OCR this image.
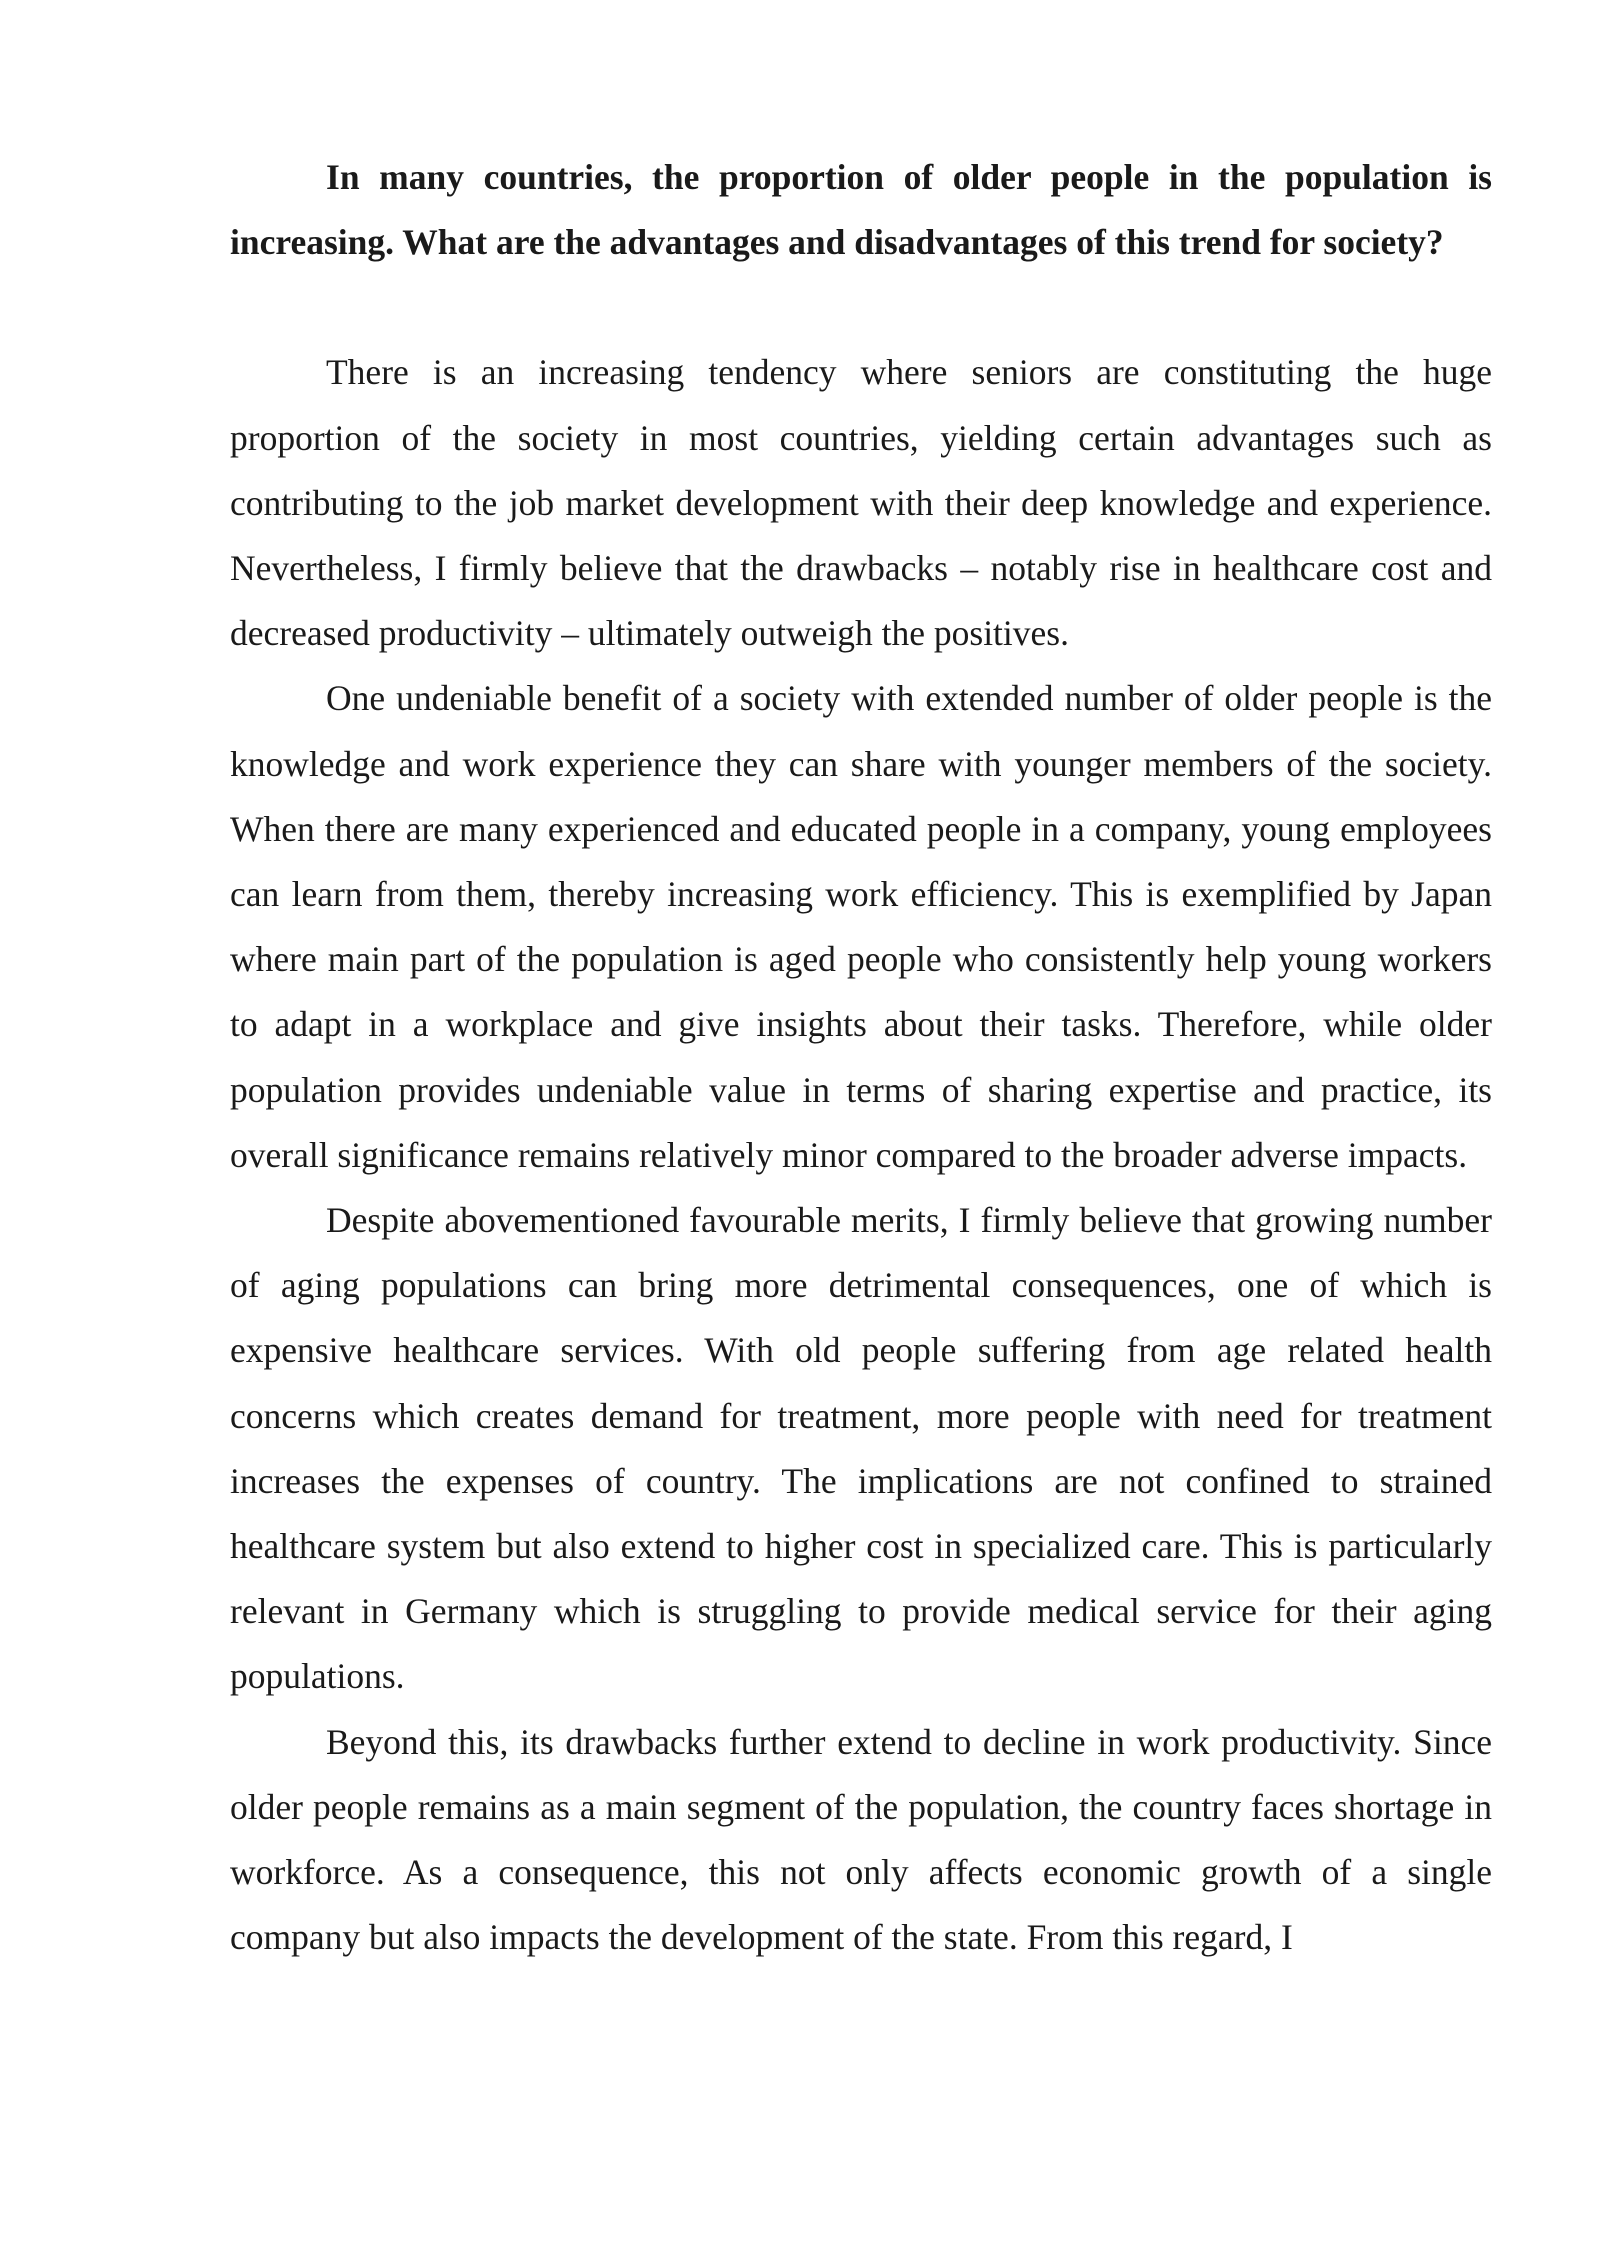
In many countries, the proportion of older people in the population is increasing. What are the advantages and disadvantages of this trend for society?

There is an increasing tendency where seniors are constituting the huge proportion of the society in most countries, yielding certain advantages such as contributing to the job market development with their deep knowledge and experience. Nevertheless, I firmly believe that the drawbacks – notably rise in healthcare cost and decreased productivity – ultimately outweigh the positives.

One undeniable benefit of a society with extended number of older people is the knowledge and work experience they can share with younger members of the society. When there are many experienced and educated people in a company, young employees can learn from them, thereby increasing work efficiency. This is exemplified by Japan where main part of the population is aged people who consistently help young workers to adapt in a workplace and give insights about their tasks. Therefore, while older population provides undeniable value in terms of sharing expertise and practice, its overall significance remains relatively minor compared to the broader adverse impacts.

Despite abovementioned favourable merits, I firmly believe that growing number of aging populations can bring more detrimental consequences, one of which is expensive healthcare services. With old people suffering from age related health concerns which creates demand for treatment, more people with need for treatment increases the expenses of country. The implications are not confined to strained healthcare system but also extend to higher cost in specialized care. This is particularly relevant in Germany which is struggling to provide medical service for their aging populations.

Beyond this, its drawbacks further extend to decline in work productivity. Since older people remains as a main segment of the population, the country faces shortage in workforce. As a consequence, this not only affects economic growth of a single company but also impacts the development of the state. From this regard, I
